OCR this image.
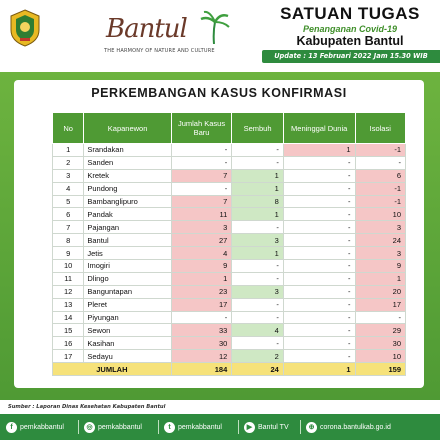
Bantul
THE HARMONY OF NATURE AND CULTURE
SATUAN TUGAS
Penanganan Covid-19
Kabupaten Bantul
Update : 13 Februari 2022 Jam 15.30 WIB
PERKEMBANGAN KASUS KONFIRMASI
No	Kapanewon	Jumlah Kasus Baru	Sembuh	Meninggal Dunia	Isolasi
1	Srandakan	-	-	1	-1
2	Sanden	-	-	-	-
3	Kretek	7	1	-	6
4	Pundong	-	1	-	-1
5	Bambanglipuro	7	8	-	-1
6	Pandak	11	1	-	10
7	Pajangan	3	-	-	3
8	Bantul	27	3	-	24
9	Jetis	4	1	-	3
10	Imogiri	9	-	-	9
11	Dlingo	1	-	-	1
12	Banguntapan	23	3	-	20
13	Pleret	17	-	-	17
14	Piyungan	-	-	-	-
15	Sewon	33	4	-	29
16	Kasihan	30	-	-	30
17	Sedayu	12	2	-	10
JUMLAH		184	24	1	159
Sumber : Laporan Dinas Kesehatan Kabupaten Bantul
f	pemkabbantul	◎ pemkabbantul	t	pemkabbantul	▶ Bantul TV	⊕ corona.bantulkab.go.id
